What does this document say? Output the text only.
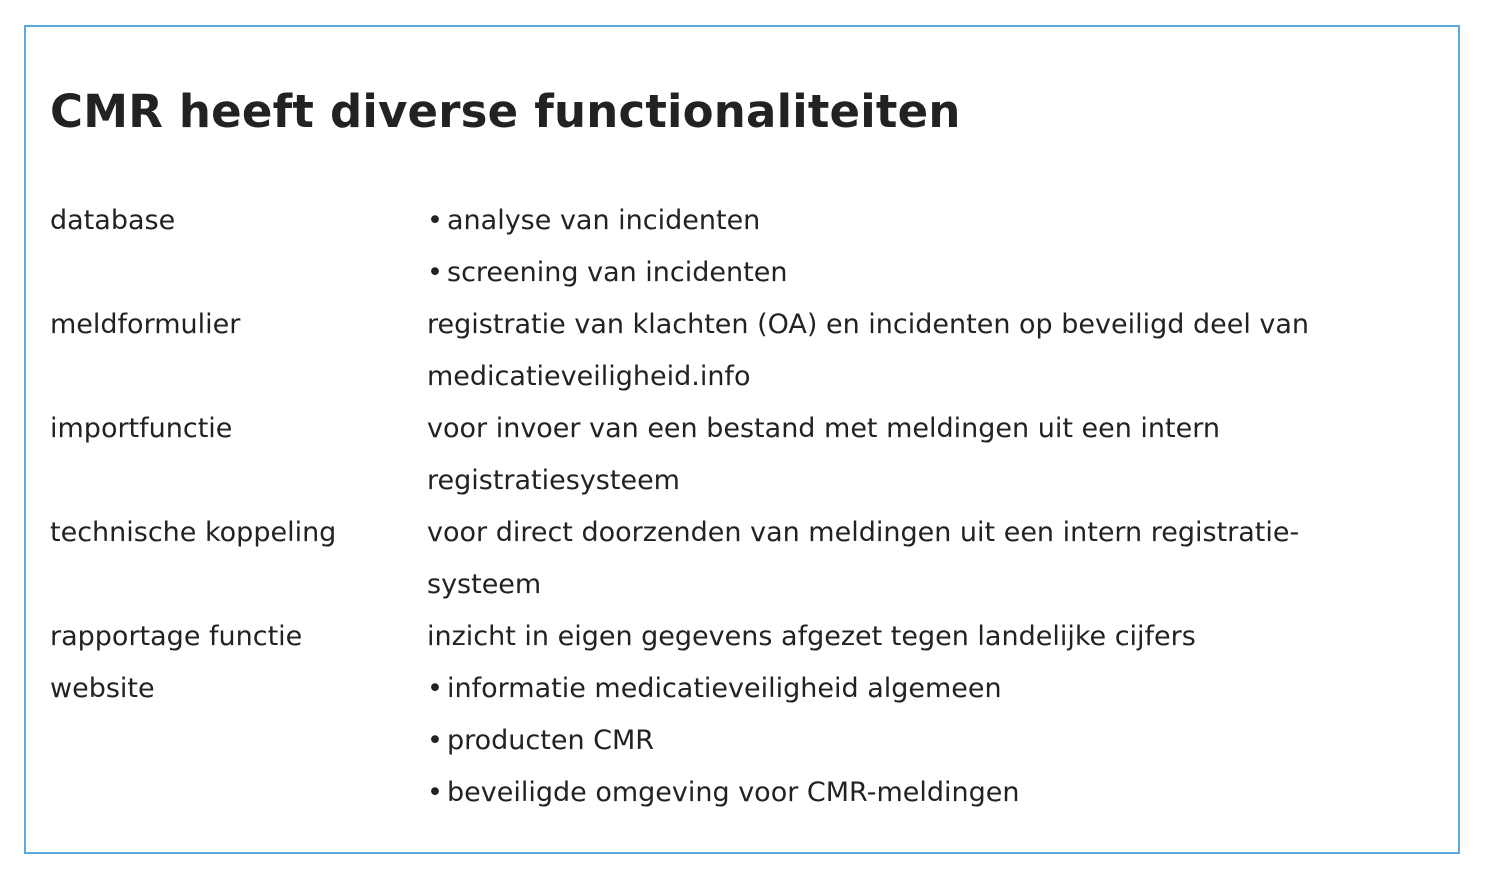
CMR heeft diverse functionaliteiten
database	• analyse van incidenten
• screening van incidenten
meldformulier	registratie van klachten (OA) en incidenten op beveiligd deel van
medicatieveiligheid.info
importfunctie	voor invoer van een bestand met meldingen uit een intern
registratiesysteem
technische koppeling	voor direct doorzenden van meldingen uit een intern registratie-
systeem
rapportage functie	inzicht in eigen gegevens afgezet tegen landelijke cijfers
website	• informatie medicatieveiligheid algemeen
• producten CMR
• beveiligde omgeving voor CMR-meldingen
